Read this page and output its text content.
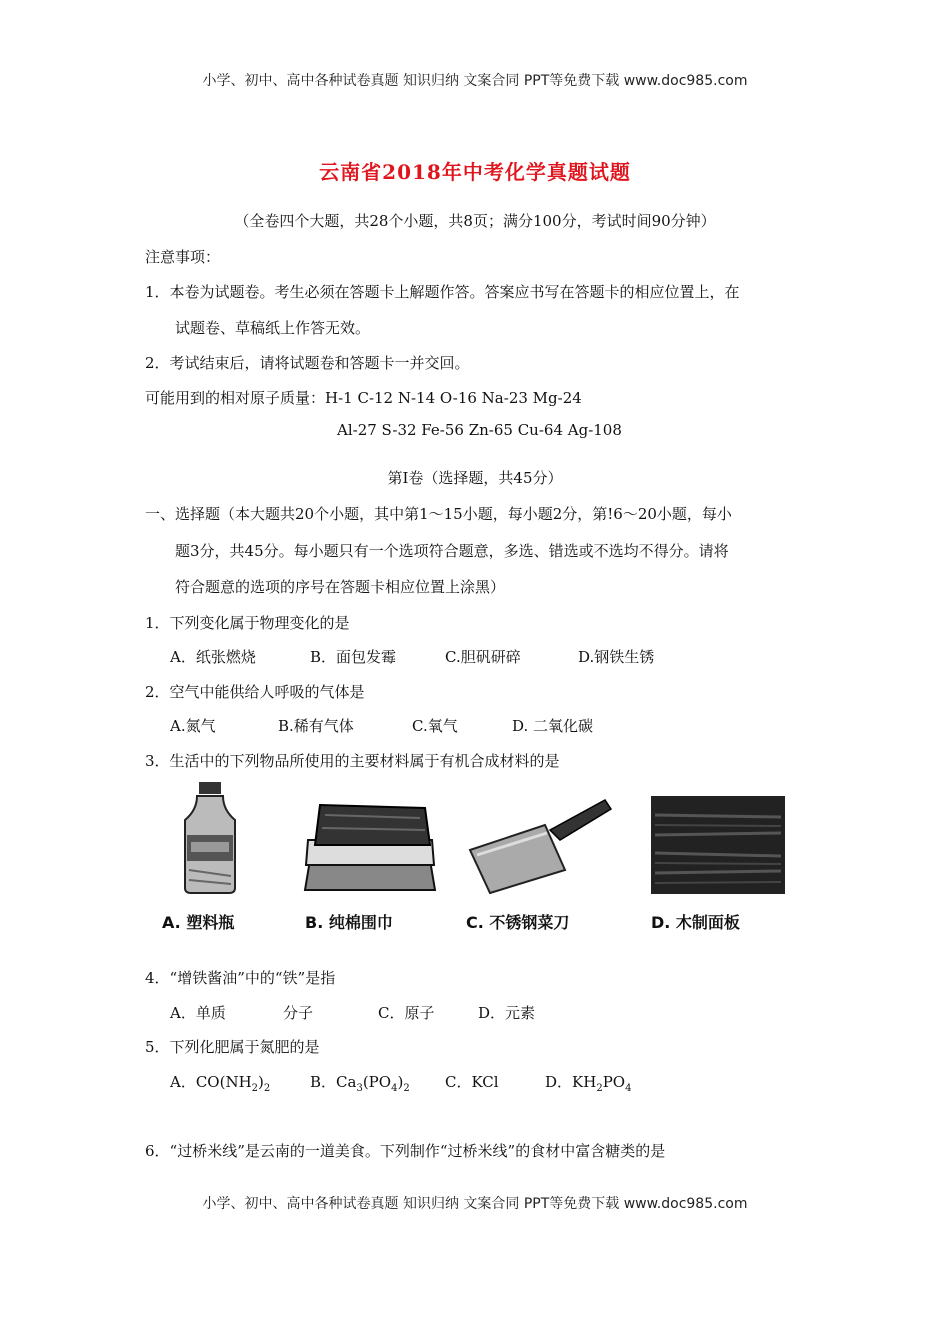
小学、初中、高中各种试卷真题 知识归纳 文案合同 PPT等免费下载 www.doc985.com
云南省2018年中考化学真题试题
（全卷四个大题，共28个小题，共8页；满分100分，考试时间90分钟）
注意事项：
1．本卷为试题卷。考生必须在答题卡上解题作答。答案应书写在答题卡的相应位置上，在
试题卷、草稿纸上作答无效。
2．考试结束后，请将试题卷和答题卡一并交回。
可能用到的相对原子质量：H-1 C-12 N-14 O-16 Na-23 Mg-24
Al-27 S-32 Fe-56 Zn-65 Cu-64 Ag-108
第Ⅰ卷（选择题，共45分）
一、选择题（本大题共20个小题，其中第1～15小题，每小题2分，第!6～20小题，每小
题3分，共45分。每小题只有一个选项符合题意，多选、错选或不选均不得分。请将
符合题意的选项的序号在答题卡相应位置上涂黑）
1．下列变化属于物理变化的是
A．纸张燃烧	B．面包发霉	C.胆矾研碎	D.钢铁生锈
2．空气中能供给人呼吸的气体是
A.氮气	B.稀有气体	C.氧气	D. 二氧化碳
3．生活中的下列物品所使用的主要材料属于有机合成材料的是
A. 塑料瓶	B. 纯棉围巾	C. 不锈钢菜刀	D. 木制面板
4．“增铁酱油”中的“铁”是指
A．单质	分子	C．原子	D．元素
5．下列化肥属于氮肥的是
A．$CO(NH_2)_2$	B．$Ca_3(PO_4)_2$ C．KCl	D．$KH_2PO_4$
6．“过桥米线”是云南的一道美食。下列制作“过桥米线”的食材中富含糖类的是
小学、初中、高中各种试卷真题 知识归纳 文案合同 PPT等免费下载 www.doc985.com
